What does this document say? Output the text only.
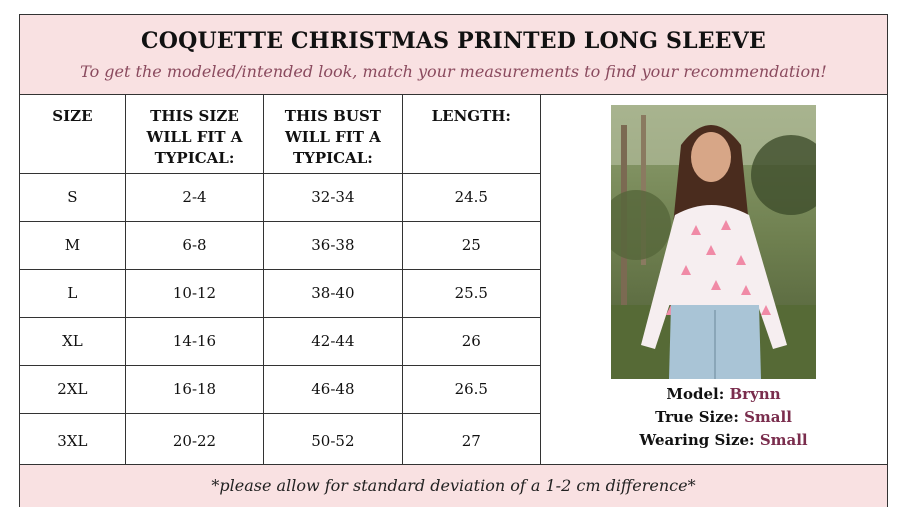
COQUETTE CHRISTMAS PRINTED LONG SLEEVE
To get the modeled/intended look, match your measurements to find your recommendation!
SIZE	THIS SIZE WILL FIT A TYPICAL:	THIS BUST WILL FIT A TYPICAL:	LENGTH:
S	2-4	32-34	24.5
M	6-8	36-38	25
L	10-12	38-40	25.5
XL	14-16	42-44	26
2XL	16-18	46-48	26.5
3XL	20-22	50-52	27
Model: Brynn
True Size: Small
Wearing Size: Small
*please allow for standard deviation of a 1-2 cm difference*
